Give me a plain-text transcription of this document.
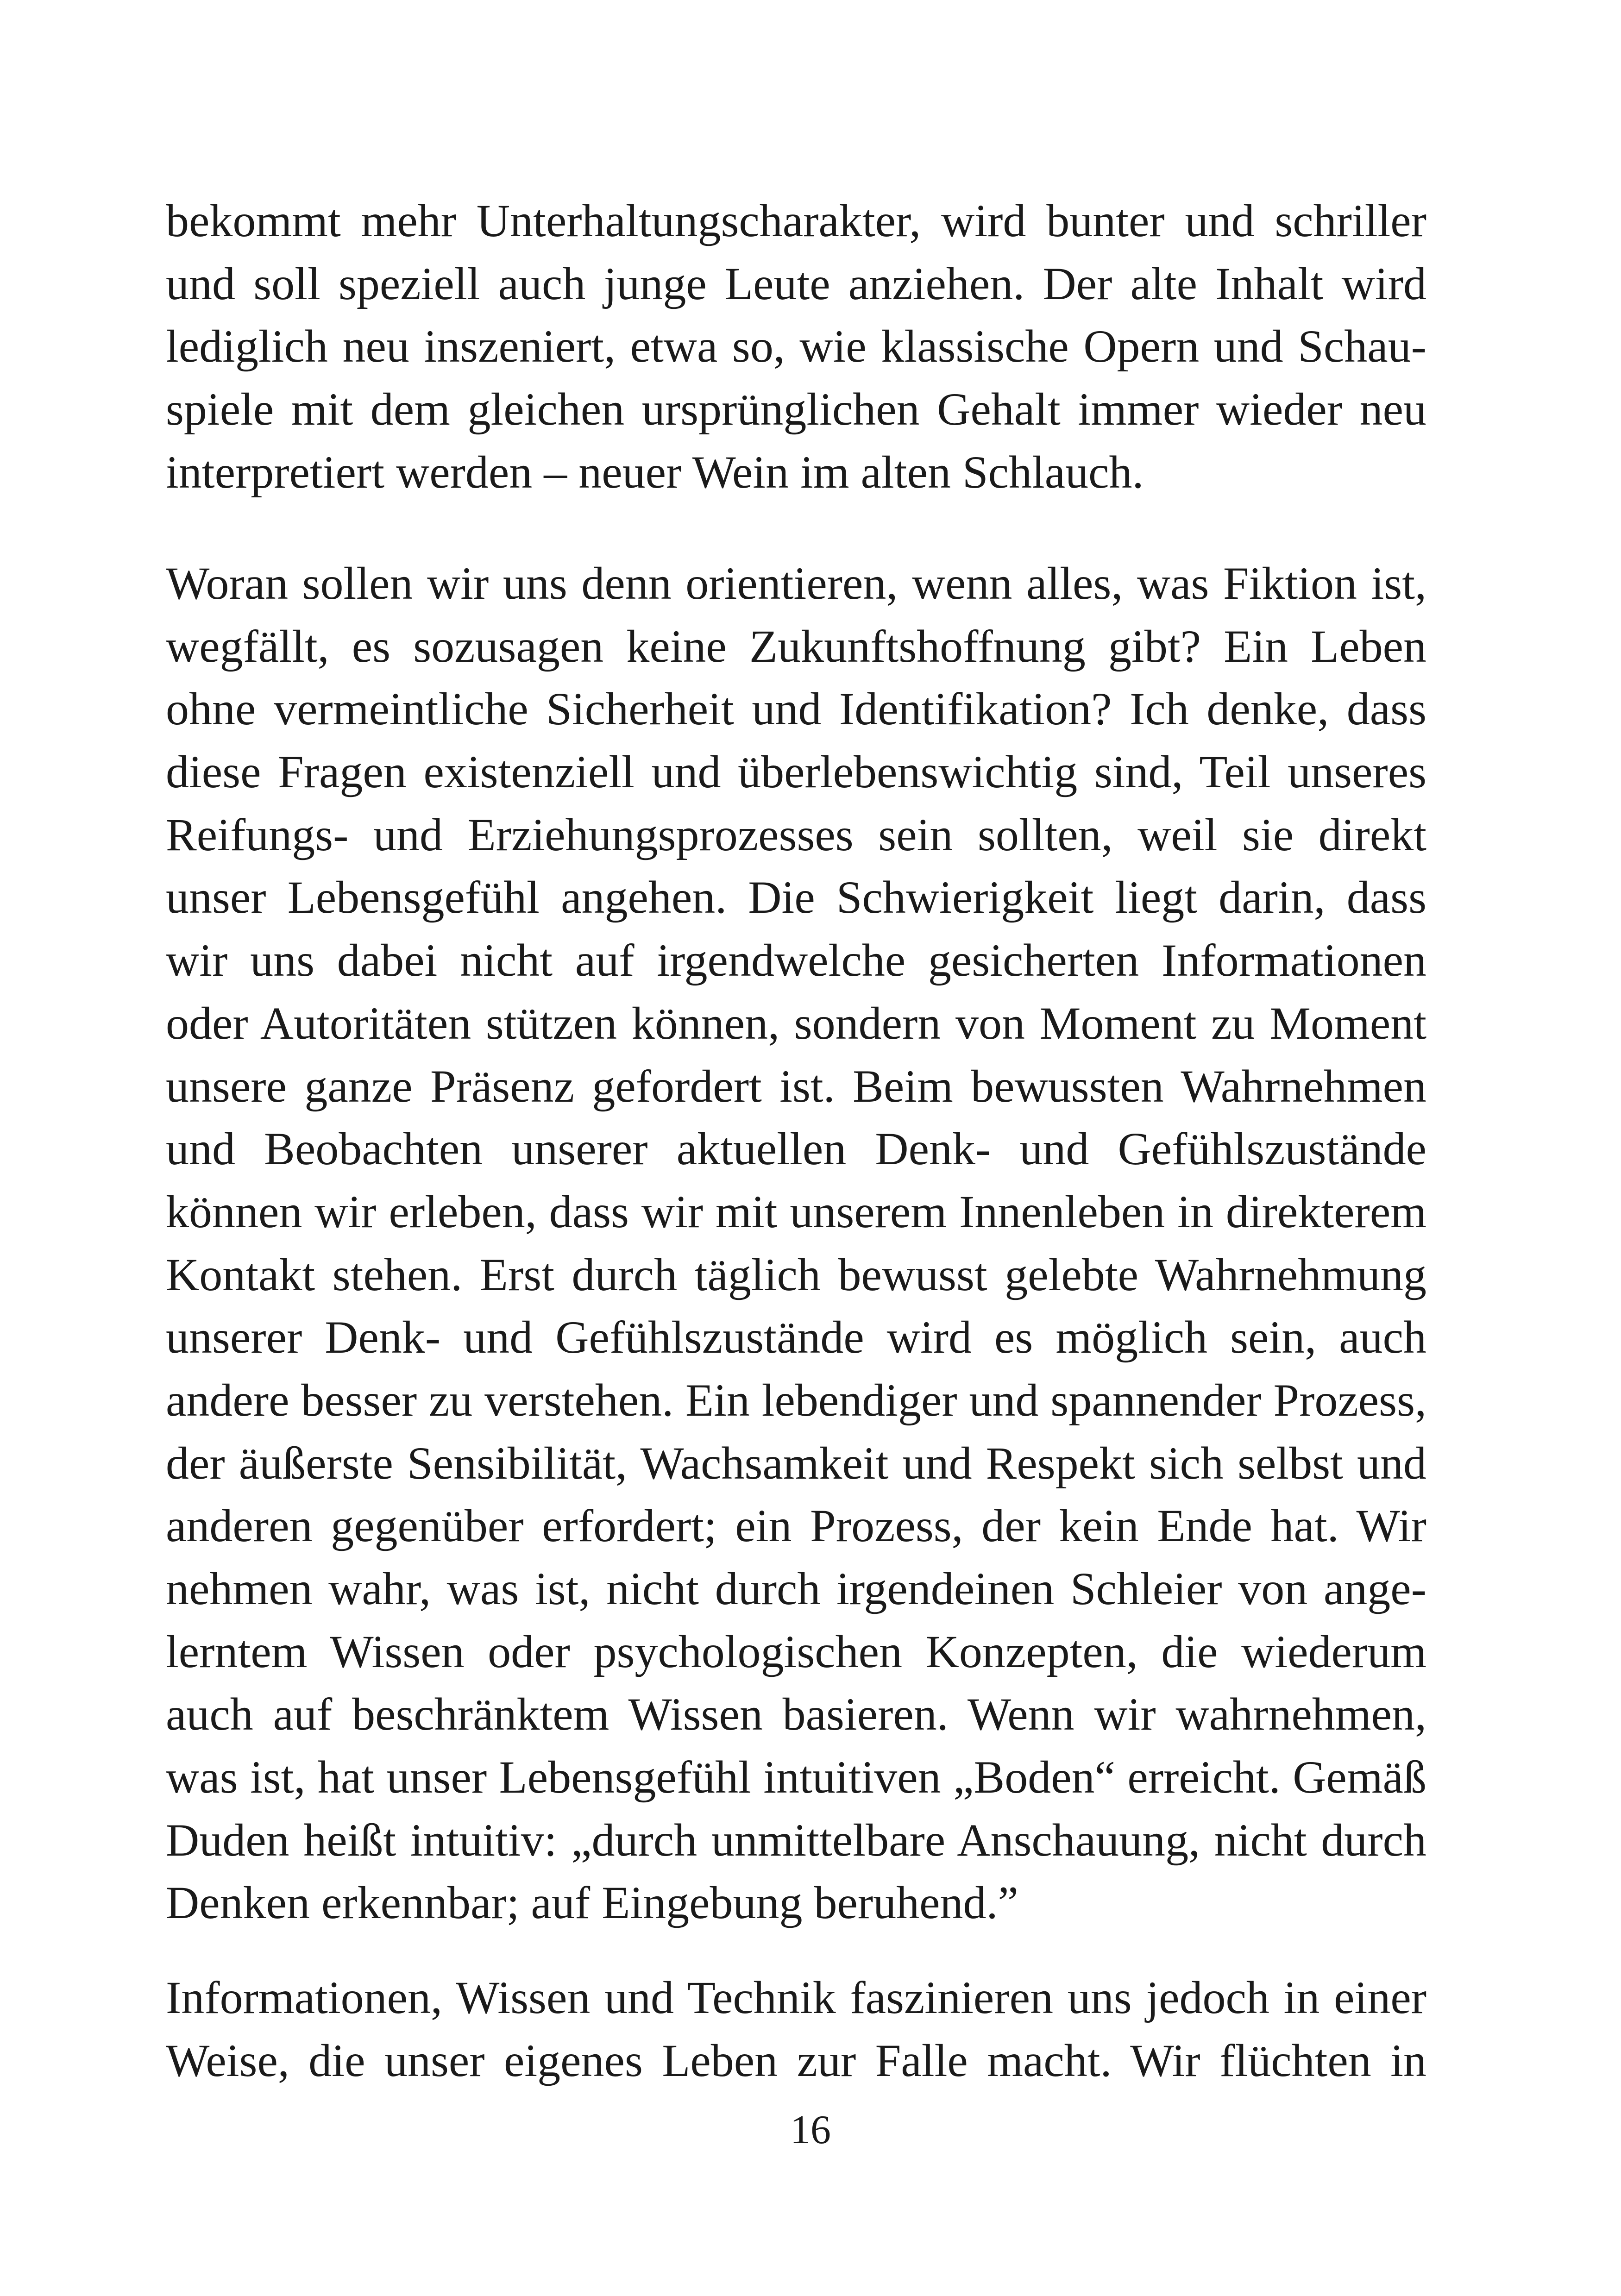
bekommt mehr Unterhaltungscharakter, wird bunter und schriller
und soll speziell auch junge Leute anziehen. Der alte Inhalt wird
lediglich neu inszeniert, etwa so, wie klassische Opern und Schau-
spiele mit dem gleichen ursprünglichen Gehalt immer wieder neu
interpretiert werden – neuer Wein im alten Schlauch.
Woran sollen wir uns denn orientieren, wenn alles, was Fiktion ist,
wegfällt, es sozusagen keine Zukunftshoffnung gibt? Ein Leben
ohne vermeintliche Sicherheit und Identifikation? Ich denke, dass
diese Fragen existenziell und überlebenswichtig sind, Teil unseres
Reifungs- und Erziehungsprozesses sein sollten, weil sie direkt
unser Lebensgefühl angehen. Die Schwierigkeit liegt darin, dass
wir uns dabei nicht auf irgendwelche gesicherten Informationen
oder Autoritäten stützen können, sondern von Moment zu Moment
unsere ganze Präsenz gefordert ist. Beim bewussten Wahrnehmen
und Beobachten unserer aktuellen Denk- und Gefühlszustände
können wir erleben, dass wir mit unserem Innenleben in direkterem
Kontakt stehen. Erst durch täglich bewusst gelebte Wahrnehmung
unserer Denk- und Gefühlszustände wird es möglich sein, auch
andere besser zu verstehen. Ein lebendiger und spannender Prozess,
der äußerste Sensibilität, Wachsamkeit und Respekt sich selbst und
anderen gegenüber erfordert; ein Prozess, der kein Ende hat. Wir
nehmen wahr, was ist, nicht durch irgendeinen Schleier von ange-
lerntem Wissen oder psychologischen Konzepten, die wiederum
auch auf beschränktem Wissen basieren. Wenn wir wahrnehmen,
was ist, hat unser Lebensgefühl intuitiven „Boden“ erreicht. Gemäß
Duden heißt intuitiv: „durch unmittelbare Anschauung, nicht durch
Denken erkennbar; auf Eingebung beruhend.”
Informationen, Wissen und Technik faszinieren uns jedoch in einer
Weise, die unser eigenes Leben zur Falle macht. Wir flüchten in
16
